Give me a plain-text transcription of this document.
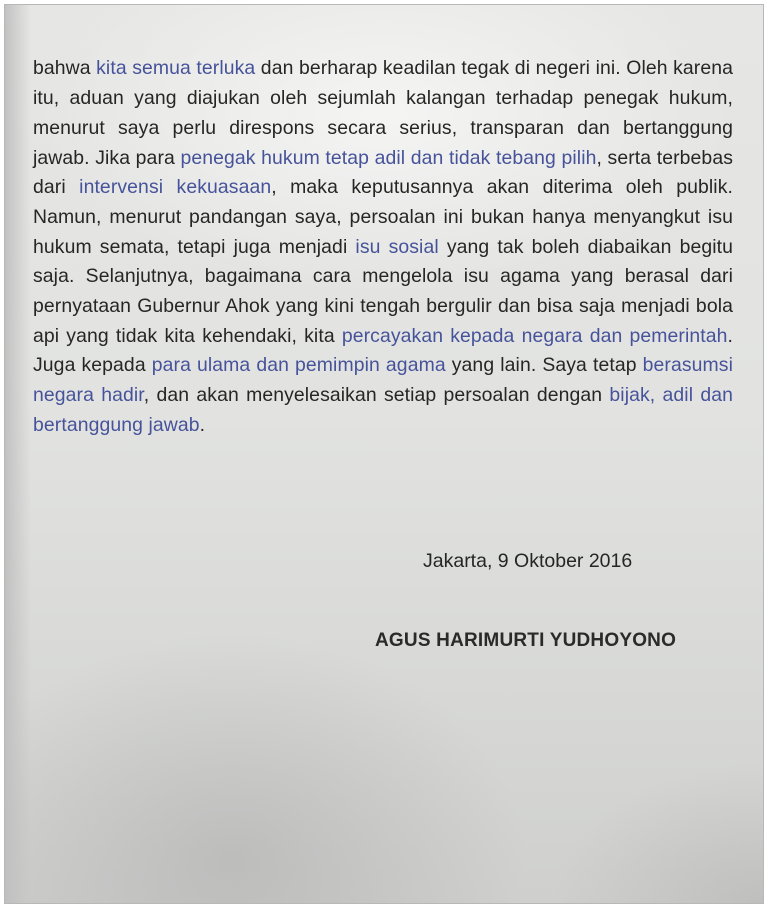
bahwa kita semua terluka dan berharap keadilan tegak di negeri ini. Oleh karena itu, aduan yang diajukan oleh sejumlah kalangan terhadap penegak hukum, menurut saya perlu direspons secara serius, transparan dan bertanggung jawab. Jika para penegak hukum tetap adil dan tidak tebang pilih, serta terbebas dari intervensi kekuasaan, maka keputusannya akan diterima oleh publik. Namun, menurut pandangan saya, persoalan ini bukan hanya menyangkut isu hukum semata, tetapi juga menjadi isu sosial yang tak boleh diabaikan begitu saja. Selanjutnya, bagaimana cara mengelola isu agama yang berasal dari pernyataan Gubernur Ahok yang kini tengah bergulir dan bisa saja menjadi bola api yang tidak kita kehendaki, kita percayakan kepada negara dan pemerintah. Juga kepada para ulama dan pemimpin agama yang lain. Saya tetap berasumsi negara hadir, dan akan menyelesaikan setiap persoalan dengan bijak, adil dan bertanggung jawab.

Jakarta, 9 Oktober 2016
AGUS HARIMURTI YUDHOYONO
